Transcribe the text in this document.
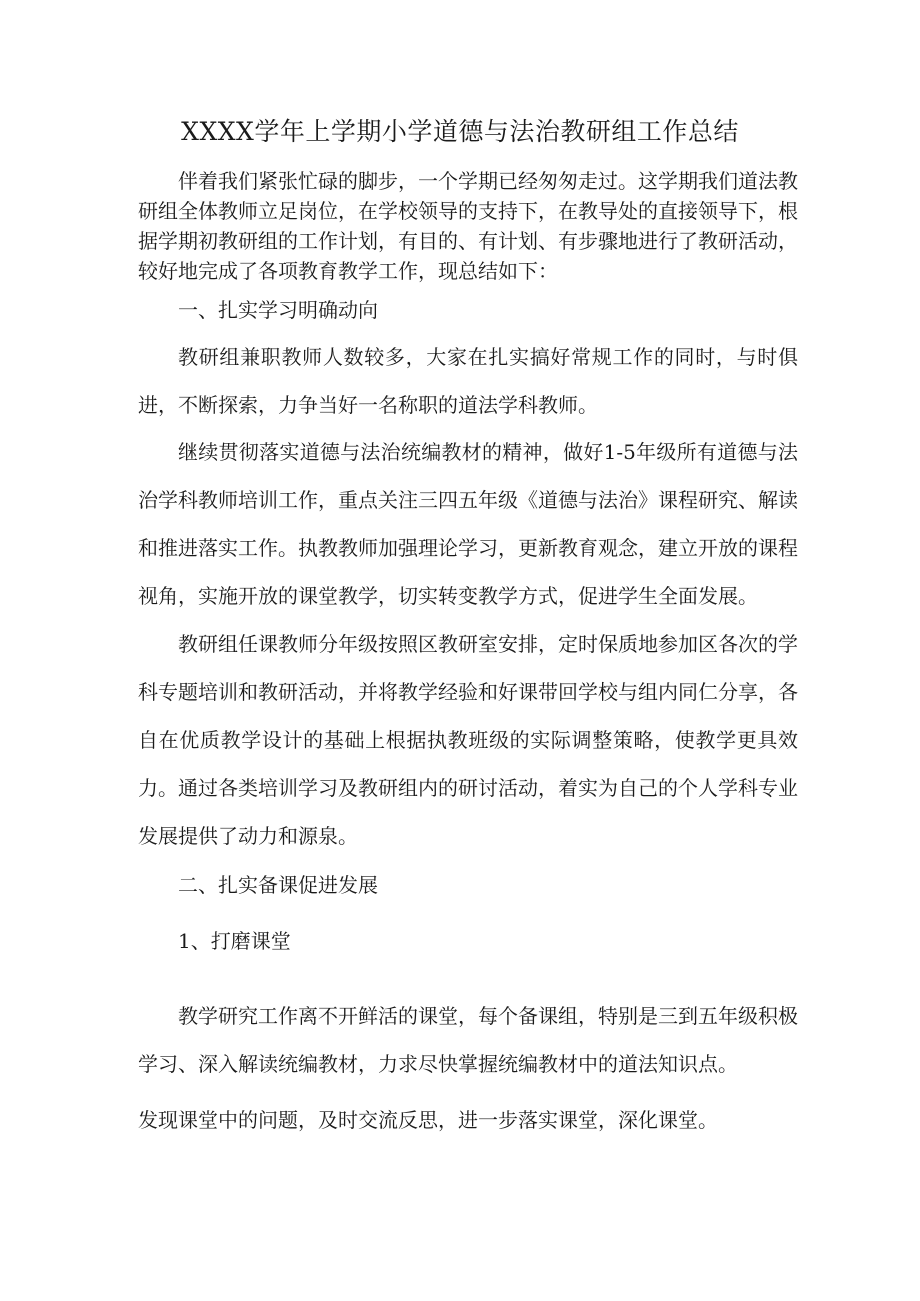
XXXX学年上学期小学道德与法治教研组工作总结

伴着我们紧张忙碌的脚步，一个学期已经匆匆走过。这学期我们道法教研组全体教师立足岗位，在学校领导的支持下，在教导处的直接领导下，根据学期初教研组的工作计划，有目的、有计划、有步骤地进行了教研活动，较好地完成了各项教育教学工作，现总结如下：

一、扎实学习明确动向

教研组兼职教师人数较多，大家在扎实搞好常规工作的同时，与时俱进，不断探索，力争当好一名称职的道法学科教师。

继续贯彻落实道德与法治统编教材的精神，做好1-5年级所有道德与法治学科教师培训工作，重点关注三四五年级《道德与法治》课程研究、解读和推进落实工作。执教教师加强理论学习，更新教育观念，建立开放的课程视角，实施开放的课堂教学，切实转变教学方式，促进学生全面发展。

教研组任课教师分年级按照区教研室安排，定时保质地参加区各次的学科专题培训和教研活动，并将教学经验和好课带回学校与组内同仁分享，各自在优质教学设计的基础上根据执教班级的实际调整策略，使教学更具效力。通过各类培训学习及教研组内的研讨活动，着实为自己的个人学科专业发展提供了动力和源泉。

二、扎实备课促进发展

1、打磨课堂

教学研究工作离不开鲜活的课堂，每个备课组，特别是三到五年级积极学习、深入解读统编教材，力求尽快掌握统编教材中的道法知识点。

发现课堂中的问题，及时交流反思，进一步落实课堂，深化课堂。
